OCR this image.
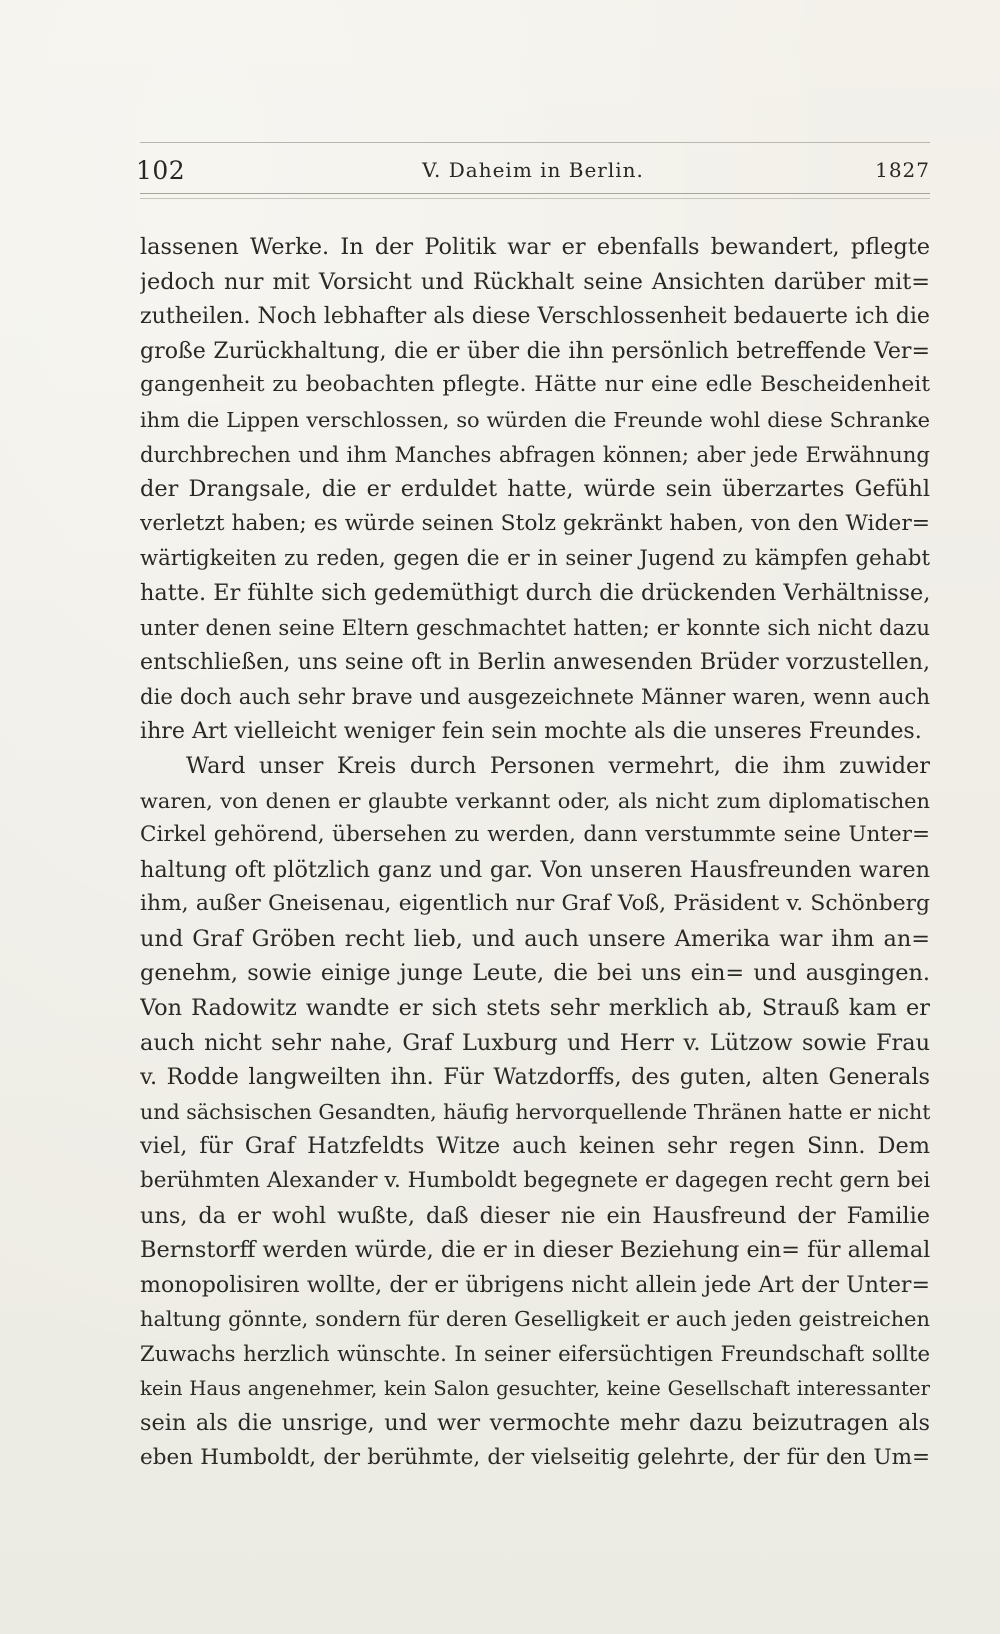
102	V. Daheim in Berlin.	1827
lassenen Werke. In der Politik war er ebenfalls bewandert, pflegte
jedoch nur mit Vorsicht und Rückhalt seine Ansichten darüber mit=
zutheilen. Noch lebhafter als diese Verschlossenheit bedauerte ich die
große Zurückhaltung, die er über die ihn persönlich betreffende Ver=
gangenheit zu beobachten pflegte. Hätte nur eine edle Bescheidenheit
ihm die Lippen verschlossen, so würden die Freunde wohl diese Schranke
durchbrechen und ihm Manches abfragen können; aber jede Erwähnung
der Drangsale, die er erduldet hatte, würde sein überzartes Gefühl
verletzt haben; es würde seinen Stolz gekränkt haben, von den Wider=
wärtigkeiten zu reden, gegen die er in seiner Jugend zu kämpfen gehabt
hatte. Er fühlte sich gedemüthigt durch die drückenden Verhältnisse,
unter denen seine Eltern geschmachtet hatten; er konnte sich nicht dazu
entschließen, uns seine oft in Berlin anwesenden Brüder vorzustellen,
die doch auch sehr brave und ausgezeichnete Männer waren, wenn auch
ihre Art vielleicht weniger fein sein mochte als die unseres Freundes.
Ward unser Kreis durch Personen vermehrt, die ihm zuwider
waren, von denen er glaubte verkannt oder, als nicht zum diplomatischen
Cirkel gehörend, übersehen zu werden, dann verstummte seine Unter=
haltung oft plötzlich ganz und gar. Von unseren Hausfreunden waren
ihm, außer Gneisenau, eigentlich nur Graf Voß, Präsident v. Schönberg
und Graf Gröben recht lieb, und auch unsere Amerika war ihm an=
genehm, sowie einige junge Leute, die bei uns ein= und ausgingen.
Von Radowitz wandte er sich stets sehr merklich ab, Strauß kam er
auch nicht sehr nahe, Graf Luxburg und Herr v. Lützow sowie Frau
v. Rodde langweilten ihn. Für Watzdorffs, des guten, alten Generals
und sächsischen Gesandten, häufig hervorquellende Thränen hatte er nicht
viel, für Graf Hatzfeldts Witze auch keinen sehr regen Sinn. Dem
berühmten Alexander v. Humboldt begegnete er dagegen recht gern bei
uns, da er wohl wußte, daß dieser nie ein Hausfreund der Familie
Bernstorff werden würde, die er in dieser Beziehung ein= für allemal
monopolisiren wollte, der er übrigens nicht allein jede Art der Unter=
haltung gönnte, sondern für deren Geselligkeit er auch jeden geistreichen
Zuwachs herzlich wünschte. In seiner eifersüchtigen Freundschaft sollte
kein Haus angenehmer, kein Salon gesuchter, keine Gesellschaft interessanter
sein als die unsrige, und wer vermochte mehr dazu beizutragen als
eben Humboldt, der berühmte, der vielseitig gelehrte, der für den Um=
